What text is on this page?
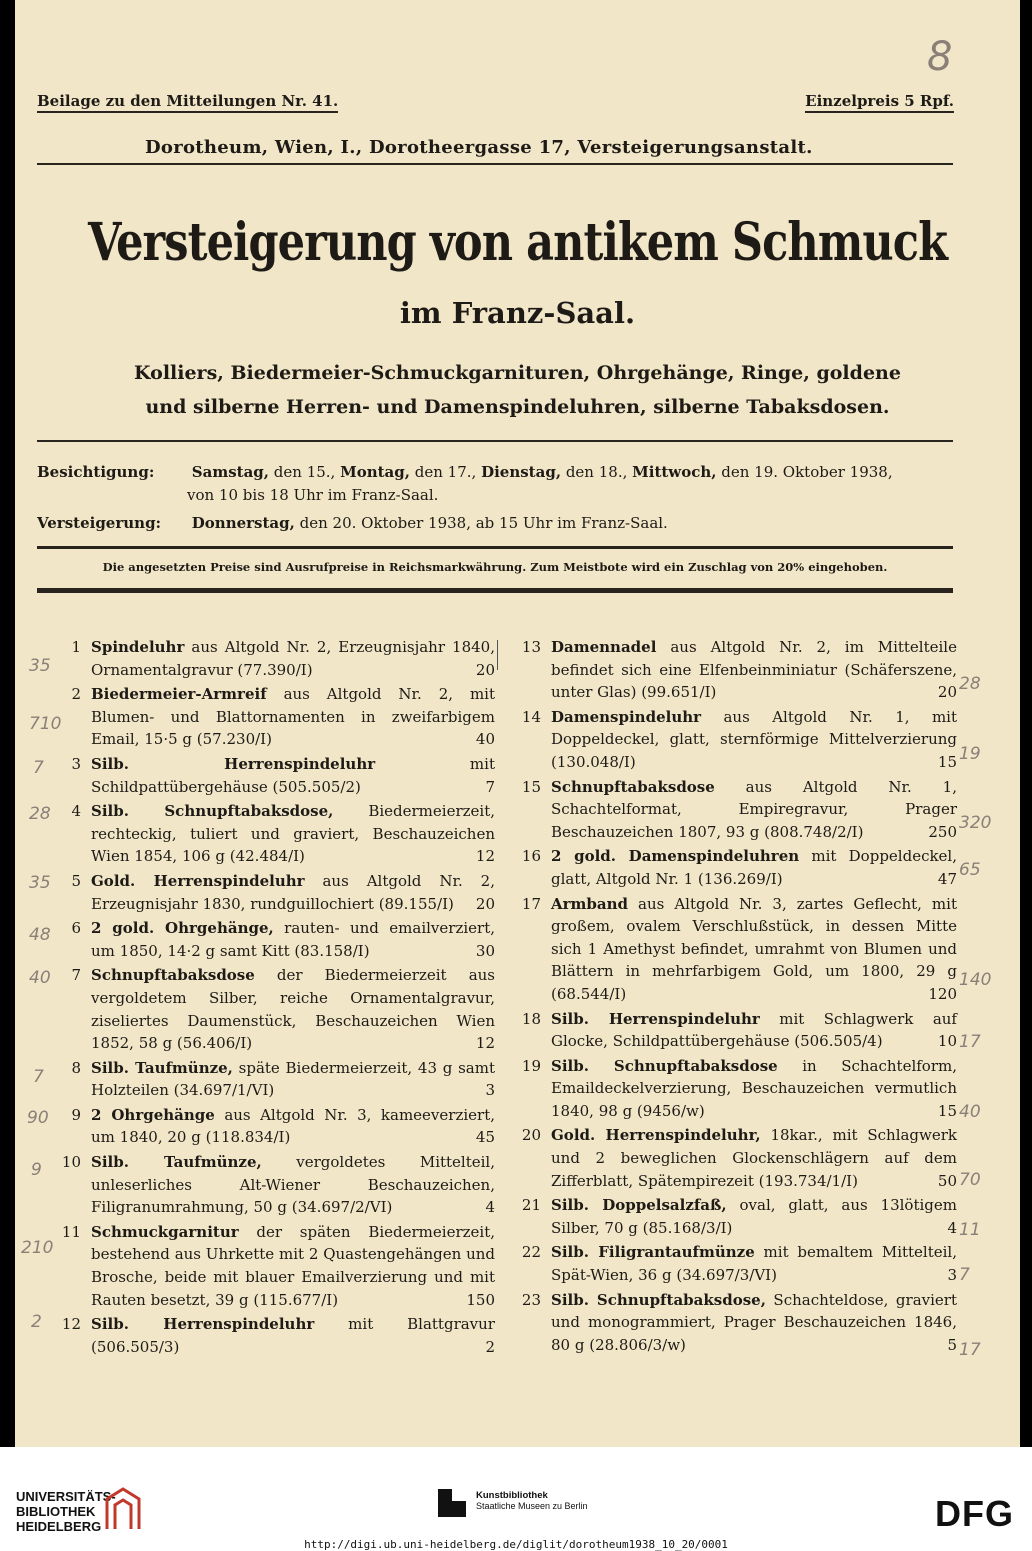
8
Beilage zu den Mitteilungen Nr. 41.	Einzelpreis 5 Rpf.
Dorotheum, Wien, I., Dorotheergasse 17, Versteigerungsanstalt.
Versteigerung von antikem Schmuck
im Franz-Saal.
Kolliers, Biedermeier-Schmuckgarnituren, Ohrgehänge, Ringe, goldene
und silberne Herren- und Damenspindeluhren, silberne Tabaksdosen.
Besichtigung: Samstag, den 15., Montag, den 17., Dienstag, den 18., Mittwoch, den 19. Oktober 1938,
von 10 bis 18 Uhr im Franz-Saal.
Versteigerung: Donnerstag, den 20. Oktober 1938, ab 15 Uhr im Franz-Saal.
Die angesetzten Preise sind Ausrufpreise in Reichsmarkwährung. Zum Meistbote wird ein Zuschlag von 20% eingehoben.
1 Spindeluhr aus Altgold Nr. 2, Erzeugnisjahr 1840, Ornamentalgravur (77.390/I)	20
2 Biedermeier-Armreif aus Altgold Nr. 2, mit Blumen- und Blattornamenten in zweifarbigem Email, 15·5 g (57.230/I)	40
3 Silb. Herrenspindeluhr mit Schildpattübergehäuse (505.505/2)	7
4 Silb. Schnupftabaksdose, Biedermeierzeit, rechteckig, tuliert und graviert, Beschauzeichen Wien 1854, 106 g (42.484/I)	12
5 Gold. Herrenspindeluhr aus Altgold Nr. 2, Erzeugnisjahr 1830, rundguillochiert (89.155/I)	20
6 2 gold. Ohrgehänge, rauten- und emailverziert, um 1850, 14·2 g samt Kitt (83.158/I)	30
7 Schnupftabaksdose der Biedermeierzeit aus vergoldetem Silber, reiche Ornamentalgravur, ziseliertes Daumenstück, Beschauzeichen Wien 1852, 58 g (56.406/I)	12
8 Silb. Taufmünze, späte Biedermeierzeit, 43 g samt Holzteilen (34.697/1/VI)	3
9 2 Ohrgehänge aus Altgold Nr. 3, kameeverziert, um 1840, 20 g (118.834/I)	45
10 Silb. Taufmünze, vergoldetes Mittelteil, unleserliches Alt-Wiener Beschauzeichen, Filigranumrahmung, 50 g (34.697/2/VI)	4
11 Schmuckgarnitur der späten Biedermeierzeit, bestehend aus Uhrkette mit 2 Quastengehängen und Brosche, beide mit blauer Emailverzierung und mit Rauten besetzt, 39 g (115.677/I)	150
12 Silb. Herrenspindeluhr mit Blattgravur (506.505/3)	2
13 Damennadel aus Altgold Nr. 2, im Mittelteile befindet sich eine Elfenbeinminiatur (Schäferszene, unter Glas) (99.651/I)	20
14 Damenspindeluhr aus Altgold Nr. 1, mit Doppeldeckel, glatt, sternförmige Mittelverzierung (130.048/I)	15
15 Schnupftabaksdose aus Altgold Nr. 1, Schachtelformat, Empiregravur, Prager Beschauzeichen 1807, 93 g (808.748/2/I)	250
16 2 gold. Damenspindeluhren mit Doppeldeckel, glatt, Altgold Nr. 1 (136.269/I)	47
17 Armband aus Altgold Nr. 3, zartes Geflecht, mit großem, ovalem Verschlußstück, in dessen Mitte sich 1 Amethyst befindet, umrahmt von Blumen und Blättern in mehrfarbigem Gold, um 1800, 29 g (68.544/I)	120
18 Silb. Herrenspindeluhr mit Schlagwerk auf Glocke, Schildpattübergehäuse (506.505/4)	10
19 Silb. Schnupftabaksdose in Schachtelform, Emaildeckelverzierung, Beschauzeichen vermutlich 1840, 98 g (9456/w)	15
20 Gold. Herrenspindeluhr, 18kar., mit Schlagwerk und 2 beweglichen Glockenschlägern auf dem Zifferblatt, Spätempirezeit (193.734/1/I)	50
21 Silb. Doppelsalzfaß, oval, glatt, aus 13lötigem Silber, 70 g (85.168/3/I)	4
22 Silb. Filigrantaufmünze mit bemaltem Mittelteil, Spät-Wien, 36 g (34.697/3/VI)	3
23 Silb. Schnupftabaksdose, Schachteldose, graviert und monogrammiert, Prager Beschauzeichen 1846, 80 g (28.806/3/w)	5
35
710
7
28
35
48
40
7
90
9
210
2
28
19
320
65
140
17
40
70
11
7
17
UNIVERSITÄTS-
BIBLIOTHEK
HEIDELBERG
Kunstbibliothek
Staatliche Museen zu Berlin	DFG
http://digi.ub.uni-heidelberg.de/diglit/dorotheum1938_10_20/0001
